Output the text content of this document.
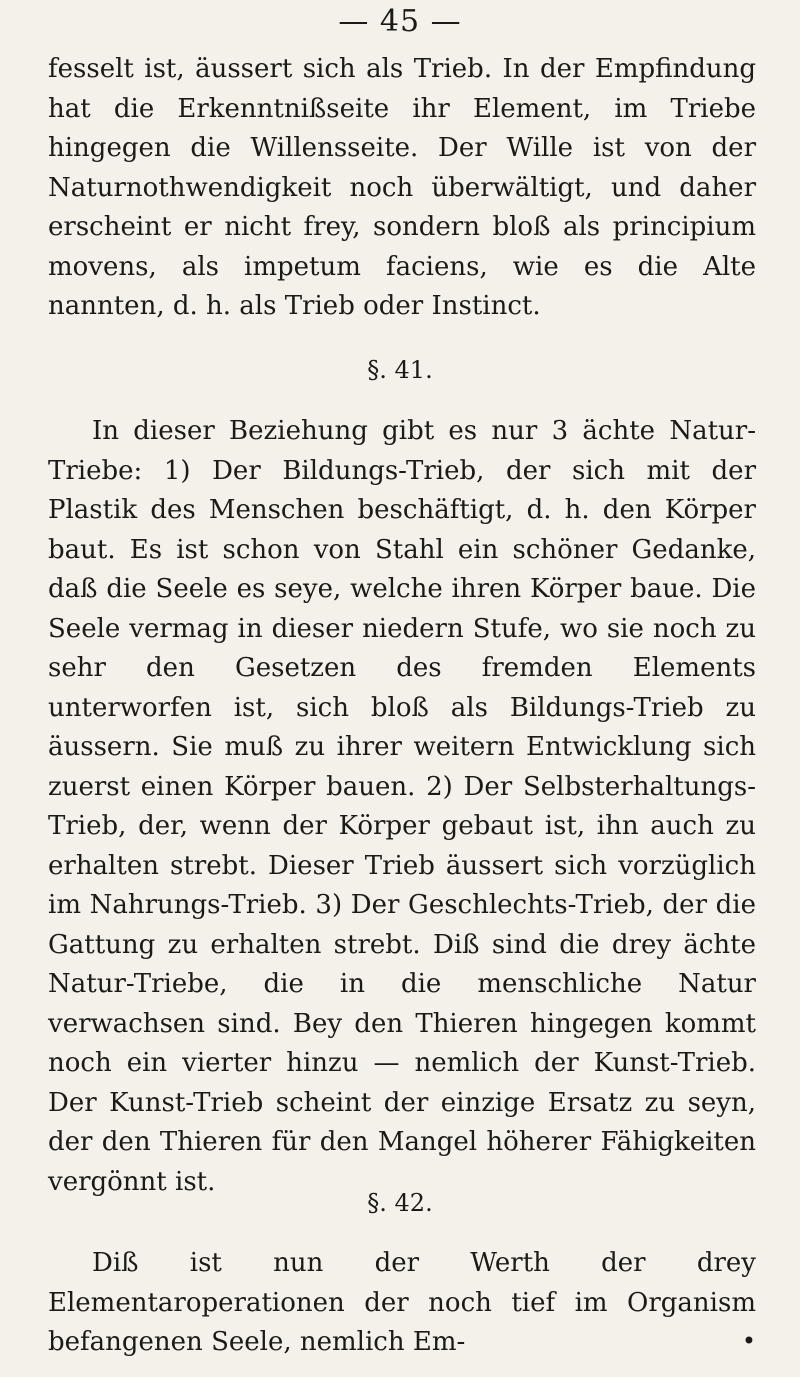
— 45 —

fesselt ist, äussert sich als Trieb. In der Empfindung hat die Erkenntnißseite ihr Element, im Triebe hingegen die Willensseite. Der Wille ist von der Naturnothwendigkeit noch überwältigt, und daher erscheint er nicht frey, sondern bloß als principium movens, als impetum faciens, wie es die Alte nannten, d. h. als Trieb oder Instinct.

§. 41.

In dieser Beziehung gibt es nur 3 ächte Natur-Triebe: 1) Der Bildungs-Trieb, der sich mit der Plastik des Menschen beschäftigt, d. h. den Körper baut. Es ist schon von Stahl ein schöner Gedanke, daß die Seele es seye, welche ihren Körper baue. Die Seele vermag in dieser niedern Stufe, wo sie noch zu sehr den Gesetzen des fremden Elements unterworfen ist, sich bloß als Bildungs-Trieb zu äussern. Sie muß zu ihrer weitern Entwicklung sich zuerst einen Körper bauen. 2) Der Selbsterhaltungs-Trieb, der, wenn der Körper gebaut ist, ihn auch zu erhalten strebt. Dieser Trieb äussert sich vorzüglich im Nahrungs-Trieb. 3) Der Geschlechts-Trieb, der die Gattung zu erhalten strebt. Diß sind die drey ächte Natur-Triebe, die in die menschliche Natur verwachsen sind. Bey den Thieren hingegen kommt noch ein vierter hinzu — nemlich der Kunst-Trieb. Der Kunst-Trieb scheint der einzige Ersatz zu seyn, der den Thieren für den Mangel höherer Fähigkeiten vergönnt ist.

§. 42.

Diß ist nun der Werth der drey Elementaroperationen der noch tief im Organism befangenen Seele, nemlich Em-	•
